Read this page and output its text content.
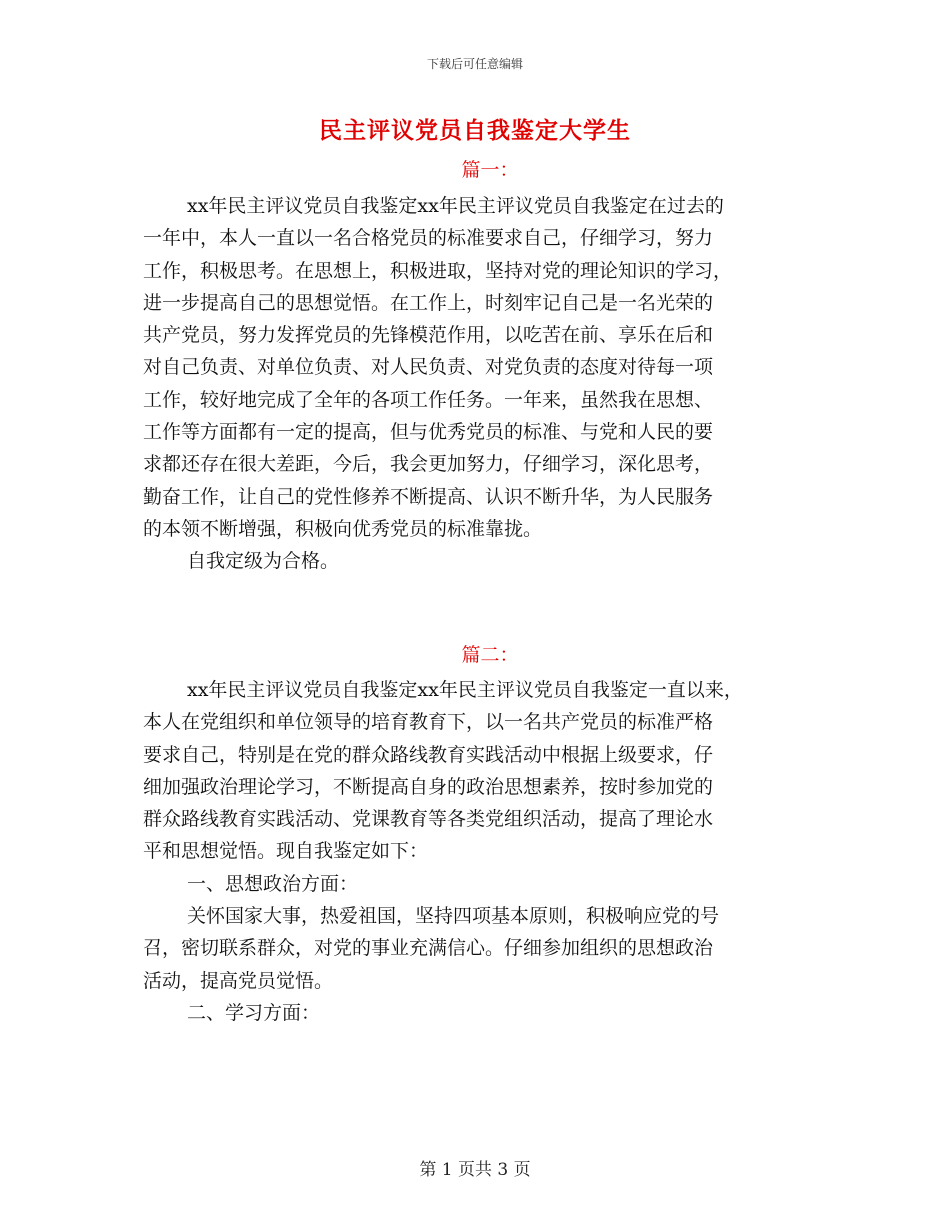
下载后可任意编辑
民主评议党员自我鉴定大学生
篇一：
xx年民主评议党员自我鉴定xx年民主评议党员自我鉴定在过去的
一年中，本人一直以一名合格党员的标准要求自己，仔细学习，努力
工作，积极思考。在思想上，积极进取，坚持对党的理论知识的学习，
进一步提高自己的思想觉悟。在工作上，时刻牢记自己是一名光荣的
共产党员，努力发挥党员的先锋模范作用，以吃苦在前、享乐在后和
对自己负责、对单位负责、对人民负责、对党负责的态度对待每一项
工作，较好地完成了全年的各项工作任务。一年来，虽然我在思想、
工作等方面都有一定的提高，但与优秀党员的标准、与党和人民的要
求都还存在很大差距，今后，我会更加努力，仔细学习，深化思考，
勤奋工作，让自己的党性修养不断提高、认识不断升华，为人民服务
的本领不断增强，积极向优秀党员的标准靠拢。
自我定级为合格。
篇二：
xx年民主评议党员自我鉴定xx年民主评议党员自我鉴定一直以来，
本人在党组织和单位领导的培育教育下，以一名共产党员的标准严格
要求自己，特别是在党的群众路线教育实践活动中根据上级要求，仔
细加强政治理论学习，不断提高自身的政治思想素养，按时参加党的
群众路线教育实践活动、党课教育等各类党组织活动，提高了理论水
平和思想觉悟。现自我鉴定如下：
一、思想政治方面：
关怀国家大事，热爱祖国，坚持四项基本原则，积极响应党的号
召，密切联系群众，对党的事业充满信心。仔细参加组织的思想政治
活动，提高党员觉悟。
二、学习方面：
第 1 页共 3 页
